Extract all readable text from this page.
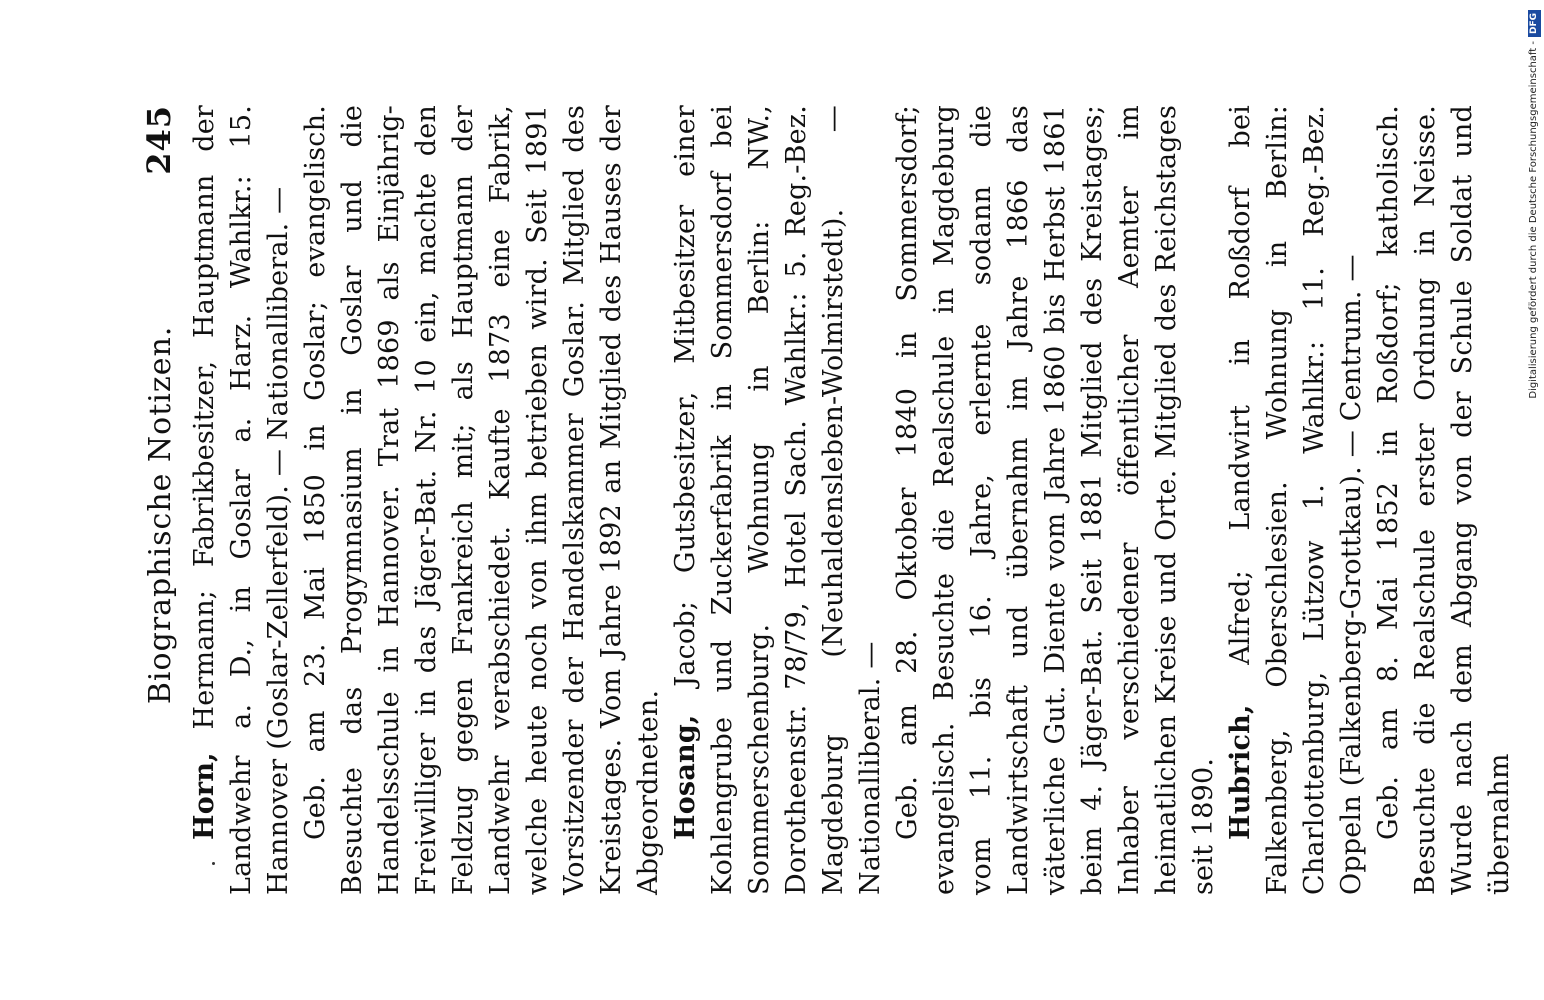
Biographische Notizen.
245

Horn, Hermann; Fabrikbesitzer, Hauptmann der Landwehr a. D., in Goslar a. Harz. Wahlkr.: 15. Hannover (Goslar-Zellerfeld). — Nationalliberal. — Geb. am 23. Mai 1850 in Goslar; evangelisch. Besuchte das Progymnasium in Goslar und die Handelsschule in Hannover. Trat 1869 als Einjährig-Freiwilliger in das Jäger-Bat. Nr. 10 ein, machte den Feldzug gegen Frankreich mit; als Hauptmann der Landwehr verabschiedet. Kaufte 1873 eine Fabrik, welche heute noch von ihm betrieben wird. Seit 1891 Vorsitzender der Handelskammer Goslar. Mitglied des Kreistages. Vom Jahre 1892 an Mitglied des Hauses der Abgeordneten. Hosang, Jacob; Gutsbesitzer, Mitbesitzer einer Kohlengrube und Zuckerfabrik in Sommersdorf bei Sommerschenburg. Wohnung in Berlin: NW., Dorotheenstr. 78/79, Hotel Sach. Wahlkr.: 5. Reg.-Bez. Magdeburg (Neuhaldensleben-Wolmirstedt). — Nationalliberal. — Geb. am 28. Oktober 1840 in Sommersdorf; evangelisch. Besuchte die Realschule in Magdeburg vom 11. bis 16. Jahre, erlernte sodann die Landwirtschaft und übernahm im Jahre 1866 das väterliche Gut. Diente vom Jahre 1860 bis Herbst 1861 beim 4. Jäger-Bat. Seit 1881 Mitglied des Kreistages; Inhaber verschiedener öffentlicher Aemter im heimatlichen Kreise und Orte. Mitglied des Reichstages seit 1890. Hubrich, Alfred; Landwirt in Roßdorf bei Falkenberg, Oberschlesien. Wohnung in Berlin: Charlottenburg, Lützow 1. Wahlkr.: 11. Reg.-Bez. Oppeln (Falkenberg-Grottkau). — Centrum. — Geb. am 8. Mai 1852 in Roßdorf; katholisch. Besuchte die Realschule erster Ordnung in Neisse. Wurde nach dem Abgang von der Schule Soldat und übernahm

Digitalisierung gefördert durch die Deutsche Forschungsgemeinschaft -
DFG
